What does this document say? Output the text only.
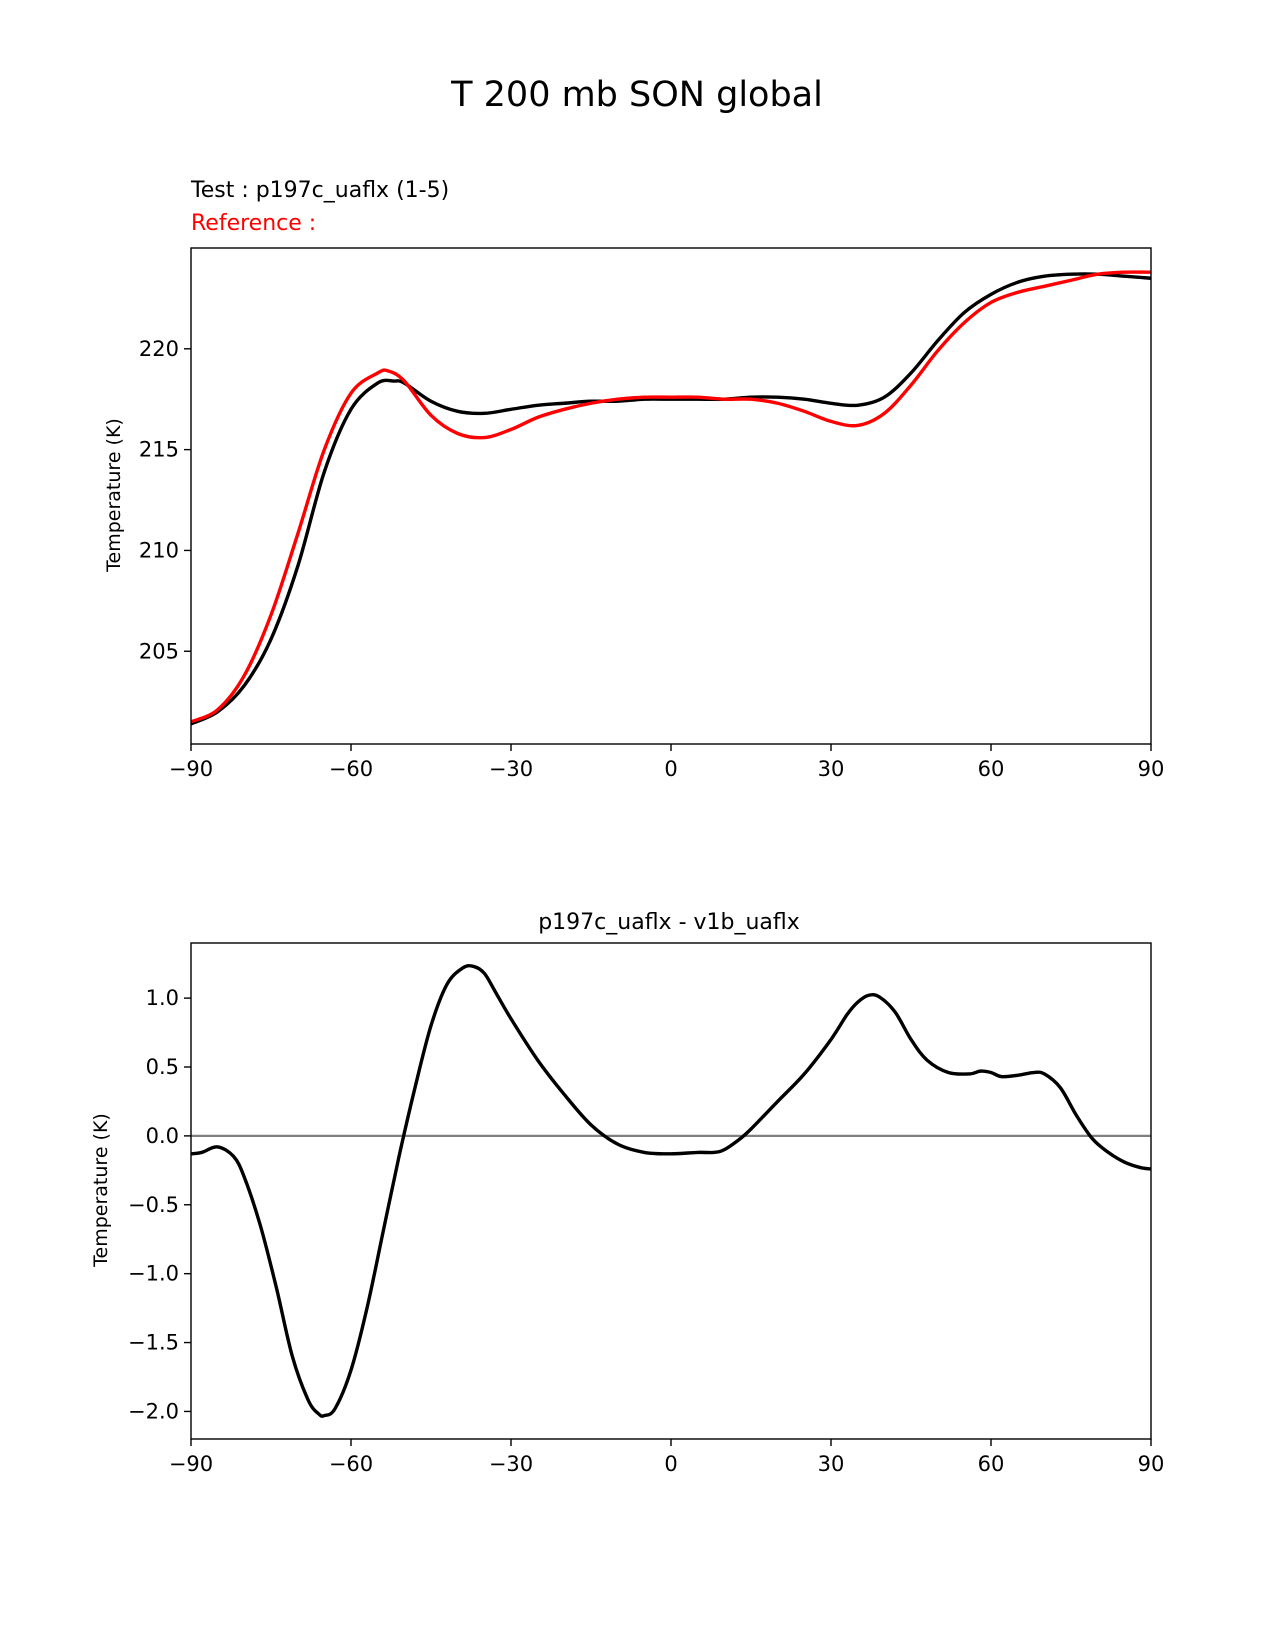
T 200 mb SON global
Test : p197c_uaflx (1-5)
Reference :
Temperature (K)
−90	−60	−30	0	30	60	90
205
210
215
220
p197c_uaflx - v1b_uaflx
Temperature (K)
−90	−60	−30	0	30	60	90
−2.0
−1.5
−1.0
−0.5
0.0
0.5
1.0
